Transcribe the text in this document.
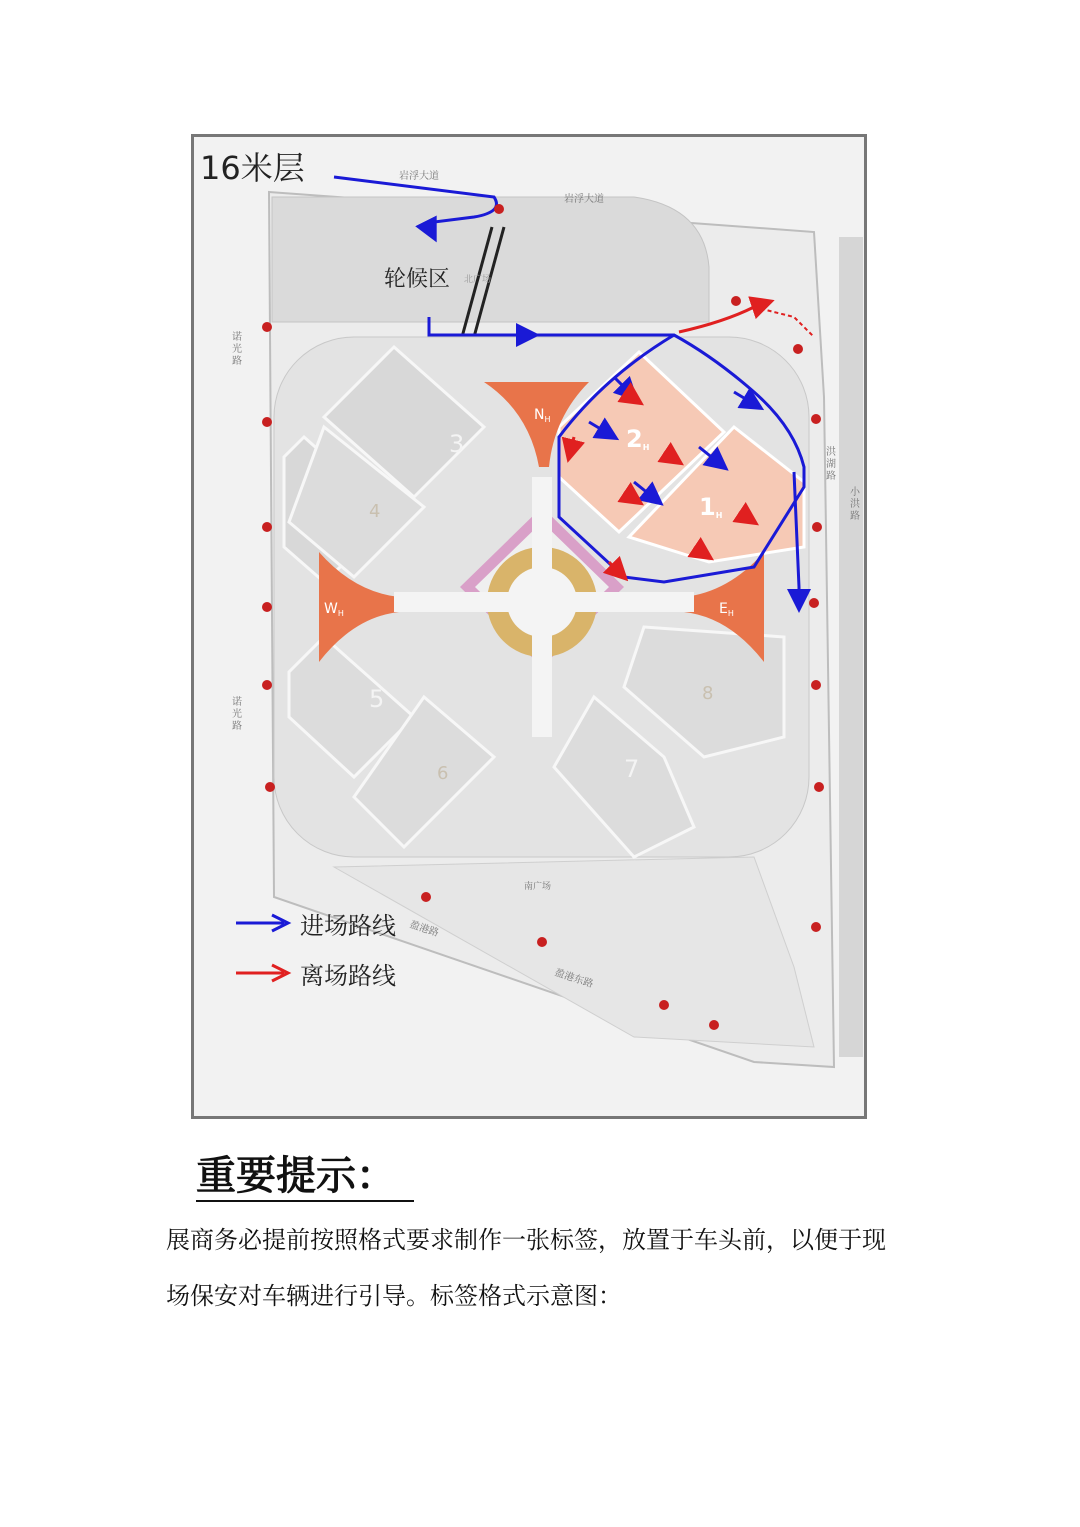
$N_H$
$W_H$	$E_H$
2H
1H
3
4
5
6	7
8
岩浮大道
岩浮大道
北广场
南广场
盈港路
盈港东路
16米层
轮候区
诺光路
诺光路
洪湖路
小洪路
进场路线
离场路线
重要提示：

展商务必提前按照格式要求制作一张标签，放置于车头前，以便于现

场保安对车辆进行引导。标签格式示意图：
